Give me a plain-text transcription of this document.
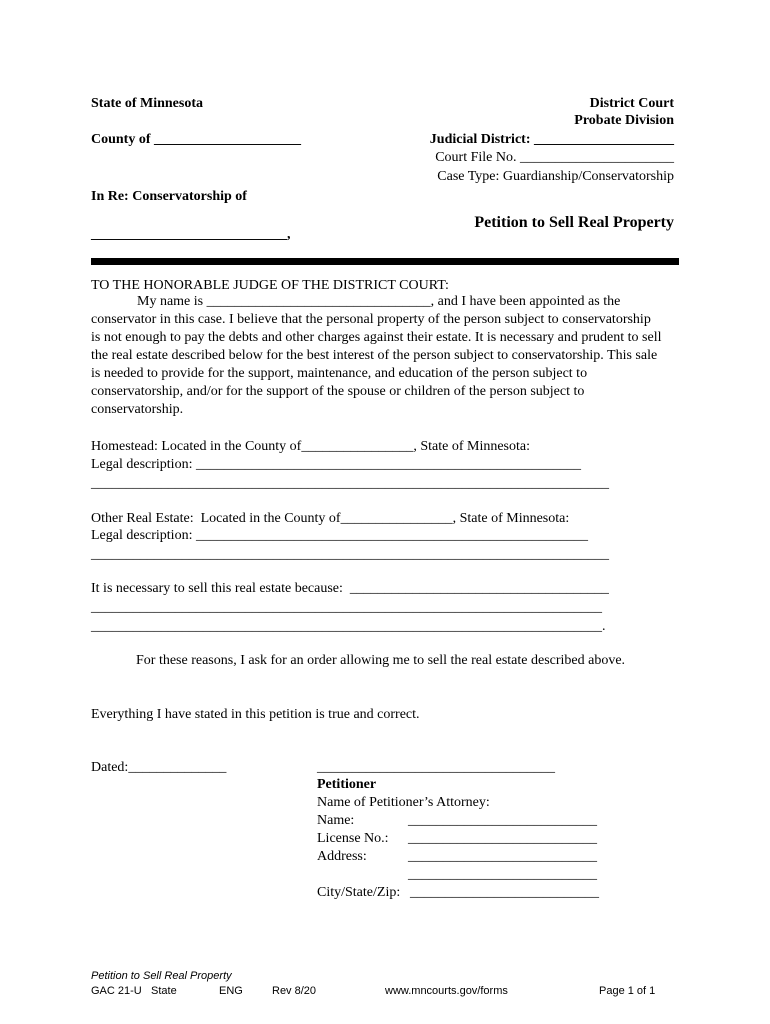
State of Minnesota
County of _____________________
District Court
Probate Division
Judicial District: ____________________
Court File No. ______________________
Case Type: Guardianship/Conservatorship
In Re: Conservatorship of
____________________________,
Petition to Sell Real Property
TO THE HONORABLE JUDGE OF THE DISTRICT COURT:

My name is ________________________________, and I have been appointed as the conservator in this case. I believe that the personal property of the person subject to conservatorship is not enough to pay the debts and other charges against their estate. It is necessary and prudent to sell the real estate described below for the best interest of the person subject to conservatorship. This sale is needed to provide for the support, maintenance, and education of the person subject to conservatorship, and/or for the support of the spouse or children of the person subject to conservatorship.

Homestead: Located in the County of________________, State of Minnesota:
Legal description: _______________________________________________________
__________________________________________________________________________
Other Real Estate:  Located in the County of________________, State of Minnesota:
Legal description: ________________________________________________________
__________________________________________________________________________
It is necessary to sell this real estate because:  _____________________________________
_________________________________________________________________________
_________________________________________________________________________.
For these reasons, I ask for an order allowing me to sell the real estate described above.
Everything I have stated in this petition is true and correct.
Dated:______________	__________________________________
Petitioner
Name of Petitioner’s Attorney:
Name:	___________________________
License No.: ___________________________
Address:	___________________________
___________________________
City/State/Zip: ___________________________
Petition to Sell Real Property
GAC 21-U State	ENG	Rev 8/20	www.mncourts.gov/forms	Page 1 of 1
